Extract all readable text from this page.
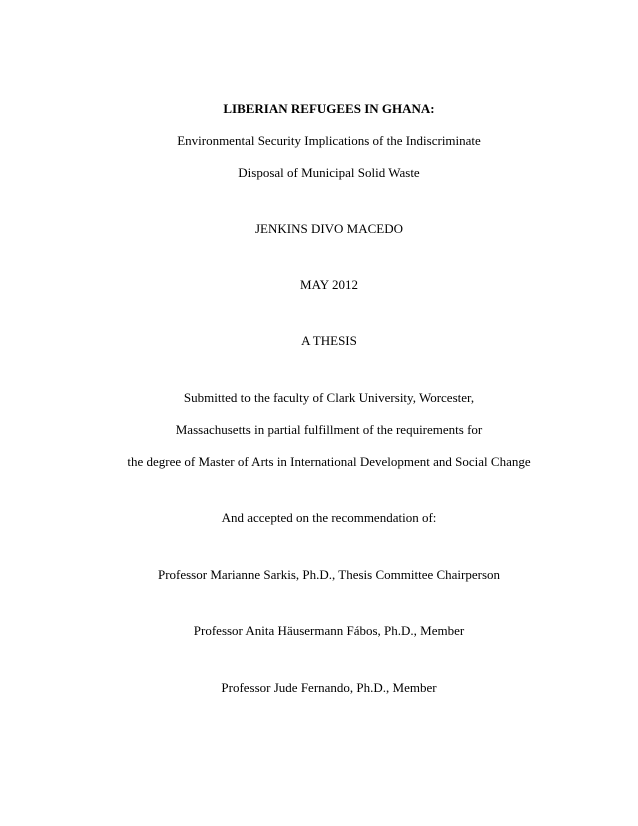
LIBERIAN REFUGEES IN GHANA:
Environmental Security Implications of the Indiscriminate
Disposal of Municipal Solid Waste
JENKINS DIVO MACEDO
MAY 2012
A THESIS
Submitted to the faculty of Clark University, Worcester,
Massachusetts in partial fulfillment of the requirements for
the degree of Master of Arts in International Development and Social Change
And accepted on the recommendation of:
Professor Marianne Sarkis, Ph.D., Thesis Committee Chairperson
Professor Anita Häusermann Fábos, Ph.D., Member
Professor Jude Fernando, Ph.D., Member
